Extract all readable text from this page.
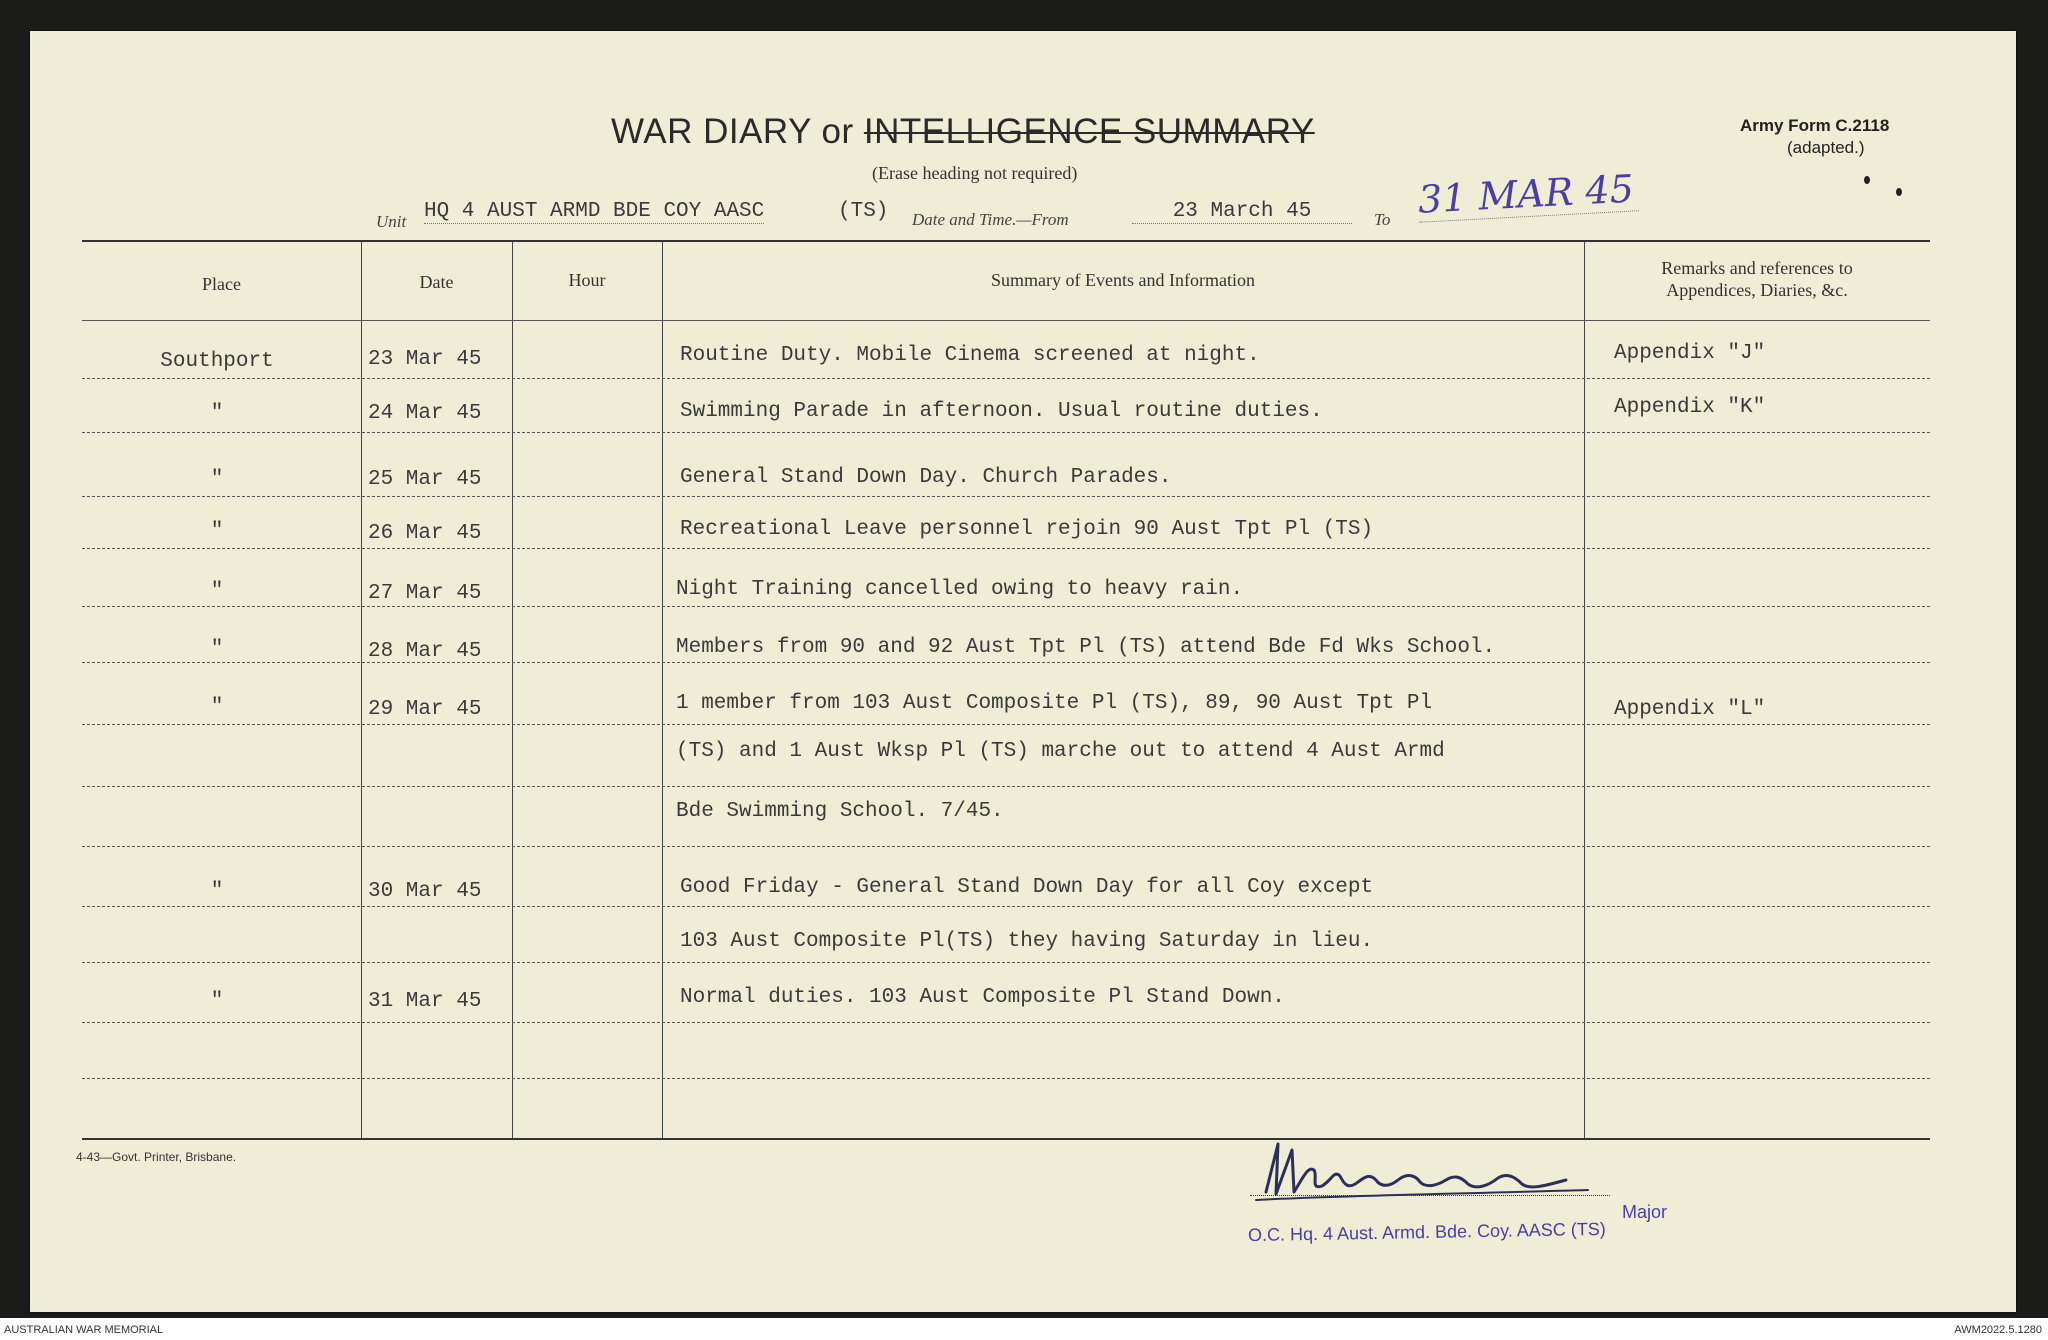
WAR DIARY or INTELLIGENCE SUMMARY
(Erase heading not required)
Army Form C.2118
(adapted.)
Unit HQ 4 AUST ARMD BDE COY AASC	(TS) Date and Time.—From	23 March 45	To 31 MAR 45
Place	Date	Hour	Summary of Events and Information
Remarks and references to
Appendices, Diaries, &c.
Southport	23 Mar 45	Routine Duty. Mobile Cinema screened at night.	Appendix "J"
"	24 Mar 45	Swimming Parade in afternoon. Usual routine duties.	Appendix "K"
"	25 Mar 45	General Stand Down Day. Church Parades.
"	26 Mar 45	Recreational Leave personnel rejoin 90 Aust Tpt Pl (TS)
"	27 Mar 45	Night Training cancelled owing to heavy rain.
"	28 Mar 45	Members from 90 and 92 Aust Tpt Pl (TS) attend Bde Fd Wks School.
"	29 Mar 45	1 member from 103 Aust Composite Pl (TS), 89, 90 Aust Tpt Pl	Appendix "L"
(TS) and 1 Aust Wksp Pl (TS) marche out to attend 4 Aust Armd
Bde Swimming School. 7/45.
"	30 Mar 45	Good Friday - General Stand Down Day for all Coy except
103 Aust Composite Pl(TS) they having Saturday in lieu.
"	31 Mar 45	Normal duties. 103 Aust Composite Pl Stand Down.
4-43—Govt. Printer, Brisbane.
Major
O.C. Hq. 4 Aust. Armd. Bde. Coy. AASC (TS)
AUSTRALIAN WAR MEMORIAL	AWM2022.5.1280
